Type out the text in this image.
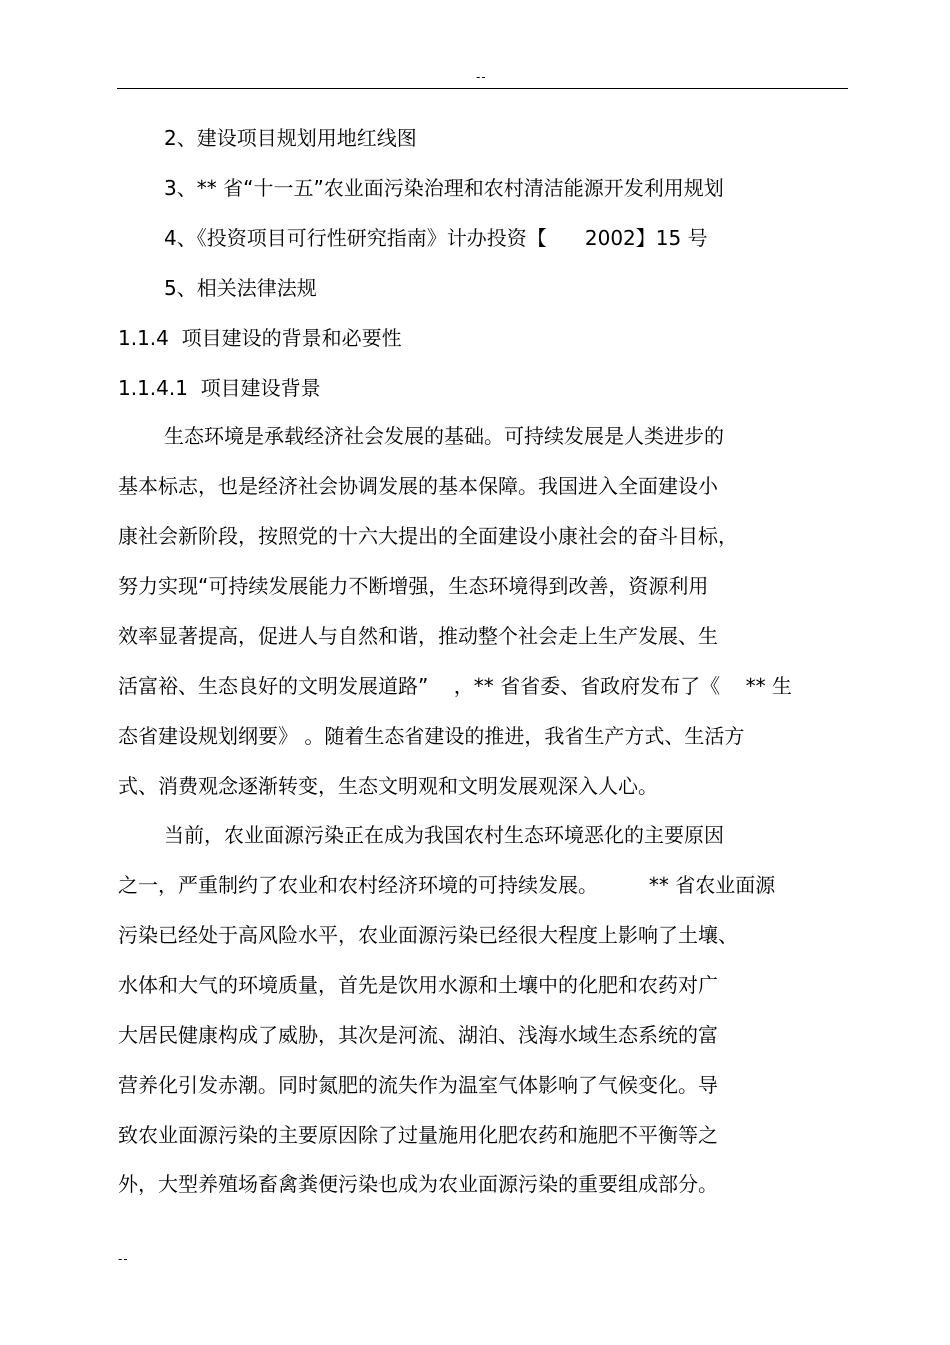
--
2、建设项目规划用地红线图
3、** 省“十一五”农业面污染治理和农村清洁能源开发利用规划
4、《投资项目可行性研究指南》计办投资【      2002】15 号
5、相关法律法规
1.1.4  项目建设的背景和必要性
1.1.4.1  项目建设背景
生态环境是承载经济社会发展的基础。可持续发展是人类进步的
基本标志，也是经济社会协调发展的基本保障。我国进入全面建设小
康社会新阶段，按照党的十六大提出的全面建设小康社会的奋斗目标，
努力实现“可持续发展能力不断增强，生态环境得到改善，资源利用
效率显著提高，促进人与自然和谐，推动整个社会走上生产发展、生
活富裕、生态良好的文明发展道路”    ，** 省省委、省政府发布了《    ** 生
态省建设规划纲要》 。随着生态省建设的推进，我省生产方式、生活方
式、消费观念逐渐转变，生态文明观和文明发展观深入人心。
当前，农业面源污染正在成为我国农村生态环境恶化的主要原因
之一，严重制约了农业和农村经济环境的可持续发展。        ** 省农业面源
污染已经处于高风险水平，农业面源污染已经很大程度上影响了土壤、
水体和大气的环境质量，首先是饮用水源和土壤中的化肥和农药对广
大居民健康构成了威胁，其次是河流、湖泊、浅海水域生态系统的富
营养化引发赤潮。同时氮肥的流失作为温室气体影响了气候变化。导
致农业面源污染的主要原因除了过量施用化肥农药和施肥不平衡等之
外，大型养殖场畜禽粪便污染也成为农业面源污染的重要组成部分。
--
